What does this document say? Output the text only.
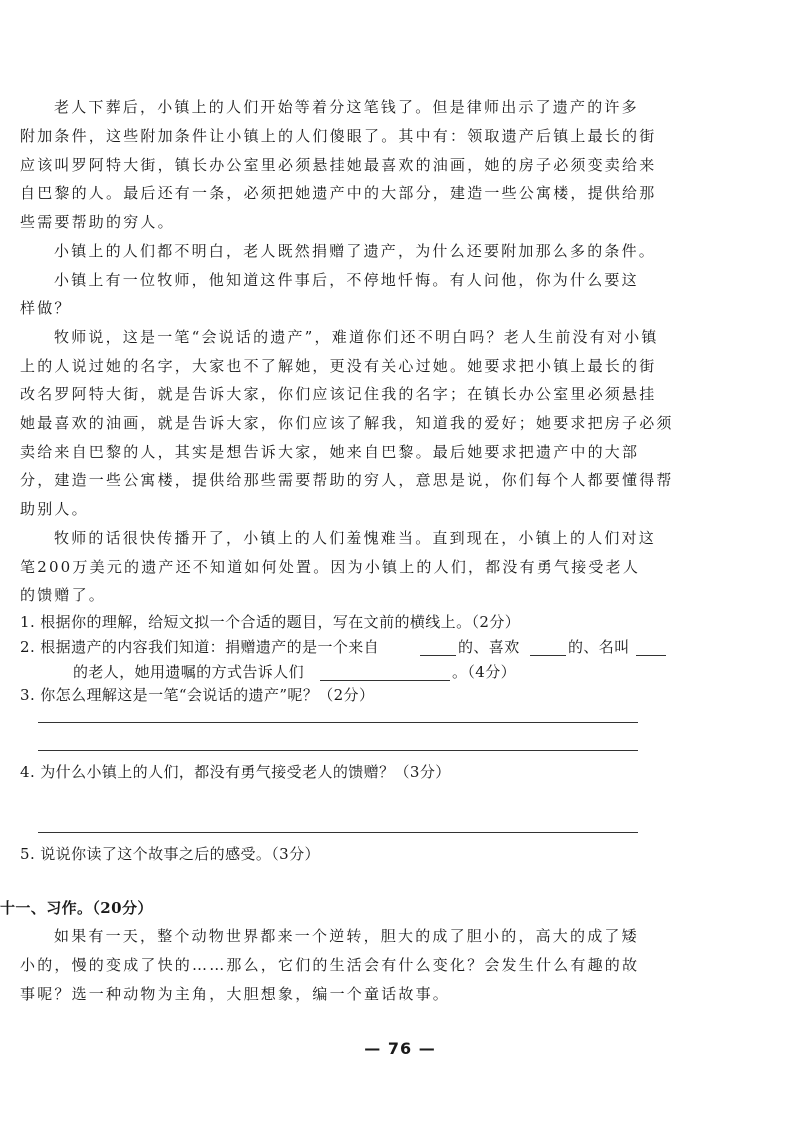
老人下葬后，小镇上的人们开始等着分这笔钱了。但是律师出示了遗产的许多
附加条件，这些附加条件让小镇上的人们傻眼了。其中有：领取遗产后镇上最长的街
应该叫罗阿特大街，镇长办公室里必须悬挂她最喜欢的油画，她的房子必须变卖给来
自巴黎的人。最后还有一条，必须把她遗产中的大部分，建造一些公寓楼，提供给那
些需要帮助的穷人。
小镇上的人们都不明白，老人既然捐赠了遗产，为什么还要附加那么多的条件。
小镇上有一位牧师，他知道这件事后，不停地忏悔。有人问他，你为什么要这
样做？
牧师说，这是一笔“会说话的遗产”，难道你们还不明白吗？老人生前没有对小镇
上的人说过她的名字，大家也不了解她，更没有关心过她。她要求把小镇上最长的街
改名罗阿特大街，就是告诉大家，你们应该记住我的名字；在镇长办公室里必须悬挂
她最喜欢的油画，就是告诉大家，你们应该了解我，知道我的爱好；她要求把房子必须
卖给来自巴黎的人，其实是想告诉大家，她来自巴黎。最后她要求把遗产中的大部
分，建造一些公寓楼，提供给那些需要帮助的穷人，意思是说，你们每个人都要懂得帮
助别人。
牧师的话很快传播开了，小镇上的人们羞愧难当。直到现在，小镇上的人们对这
笔200万美元的遗产还不知道如何处置。因为小镇上的人们，都没有勇气接受老人
的馈赠了。
1. 根据你的理解，给短文拟一个合适的题目，写在文前的横线上。（2分）
2. 根据遗产的内容我们知道：捐赠遗产的是一个来自	的、喜欢	的、名叫
的老人，她用遗嘱的方式告诉人们	。（4分）
3. 你怎么理解这是一笔“会说话的遗产”呢？（2分）
4. 为什么小镇上的人们，都没有勇气接受老人的馈赠？（3分）
5. 说说你读了这个故事之后的感受。（3分）
十一、习作。（20分）
如果有一天，整个动物世界都来一个逆转，胆大的成了胆小的，高大的成了矮
小的，慢的变成了快的……那么，它们的生活会有什么变化？会发生什么有趣的故
事呢？选一种动物为主角，大胆想象，编一个童话故事。
— 76 —
